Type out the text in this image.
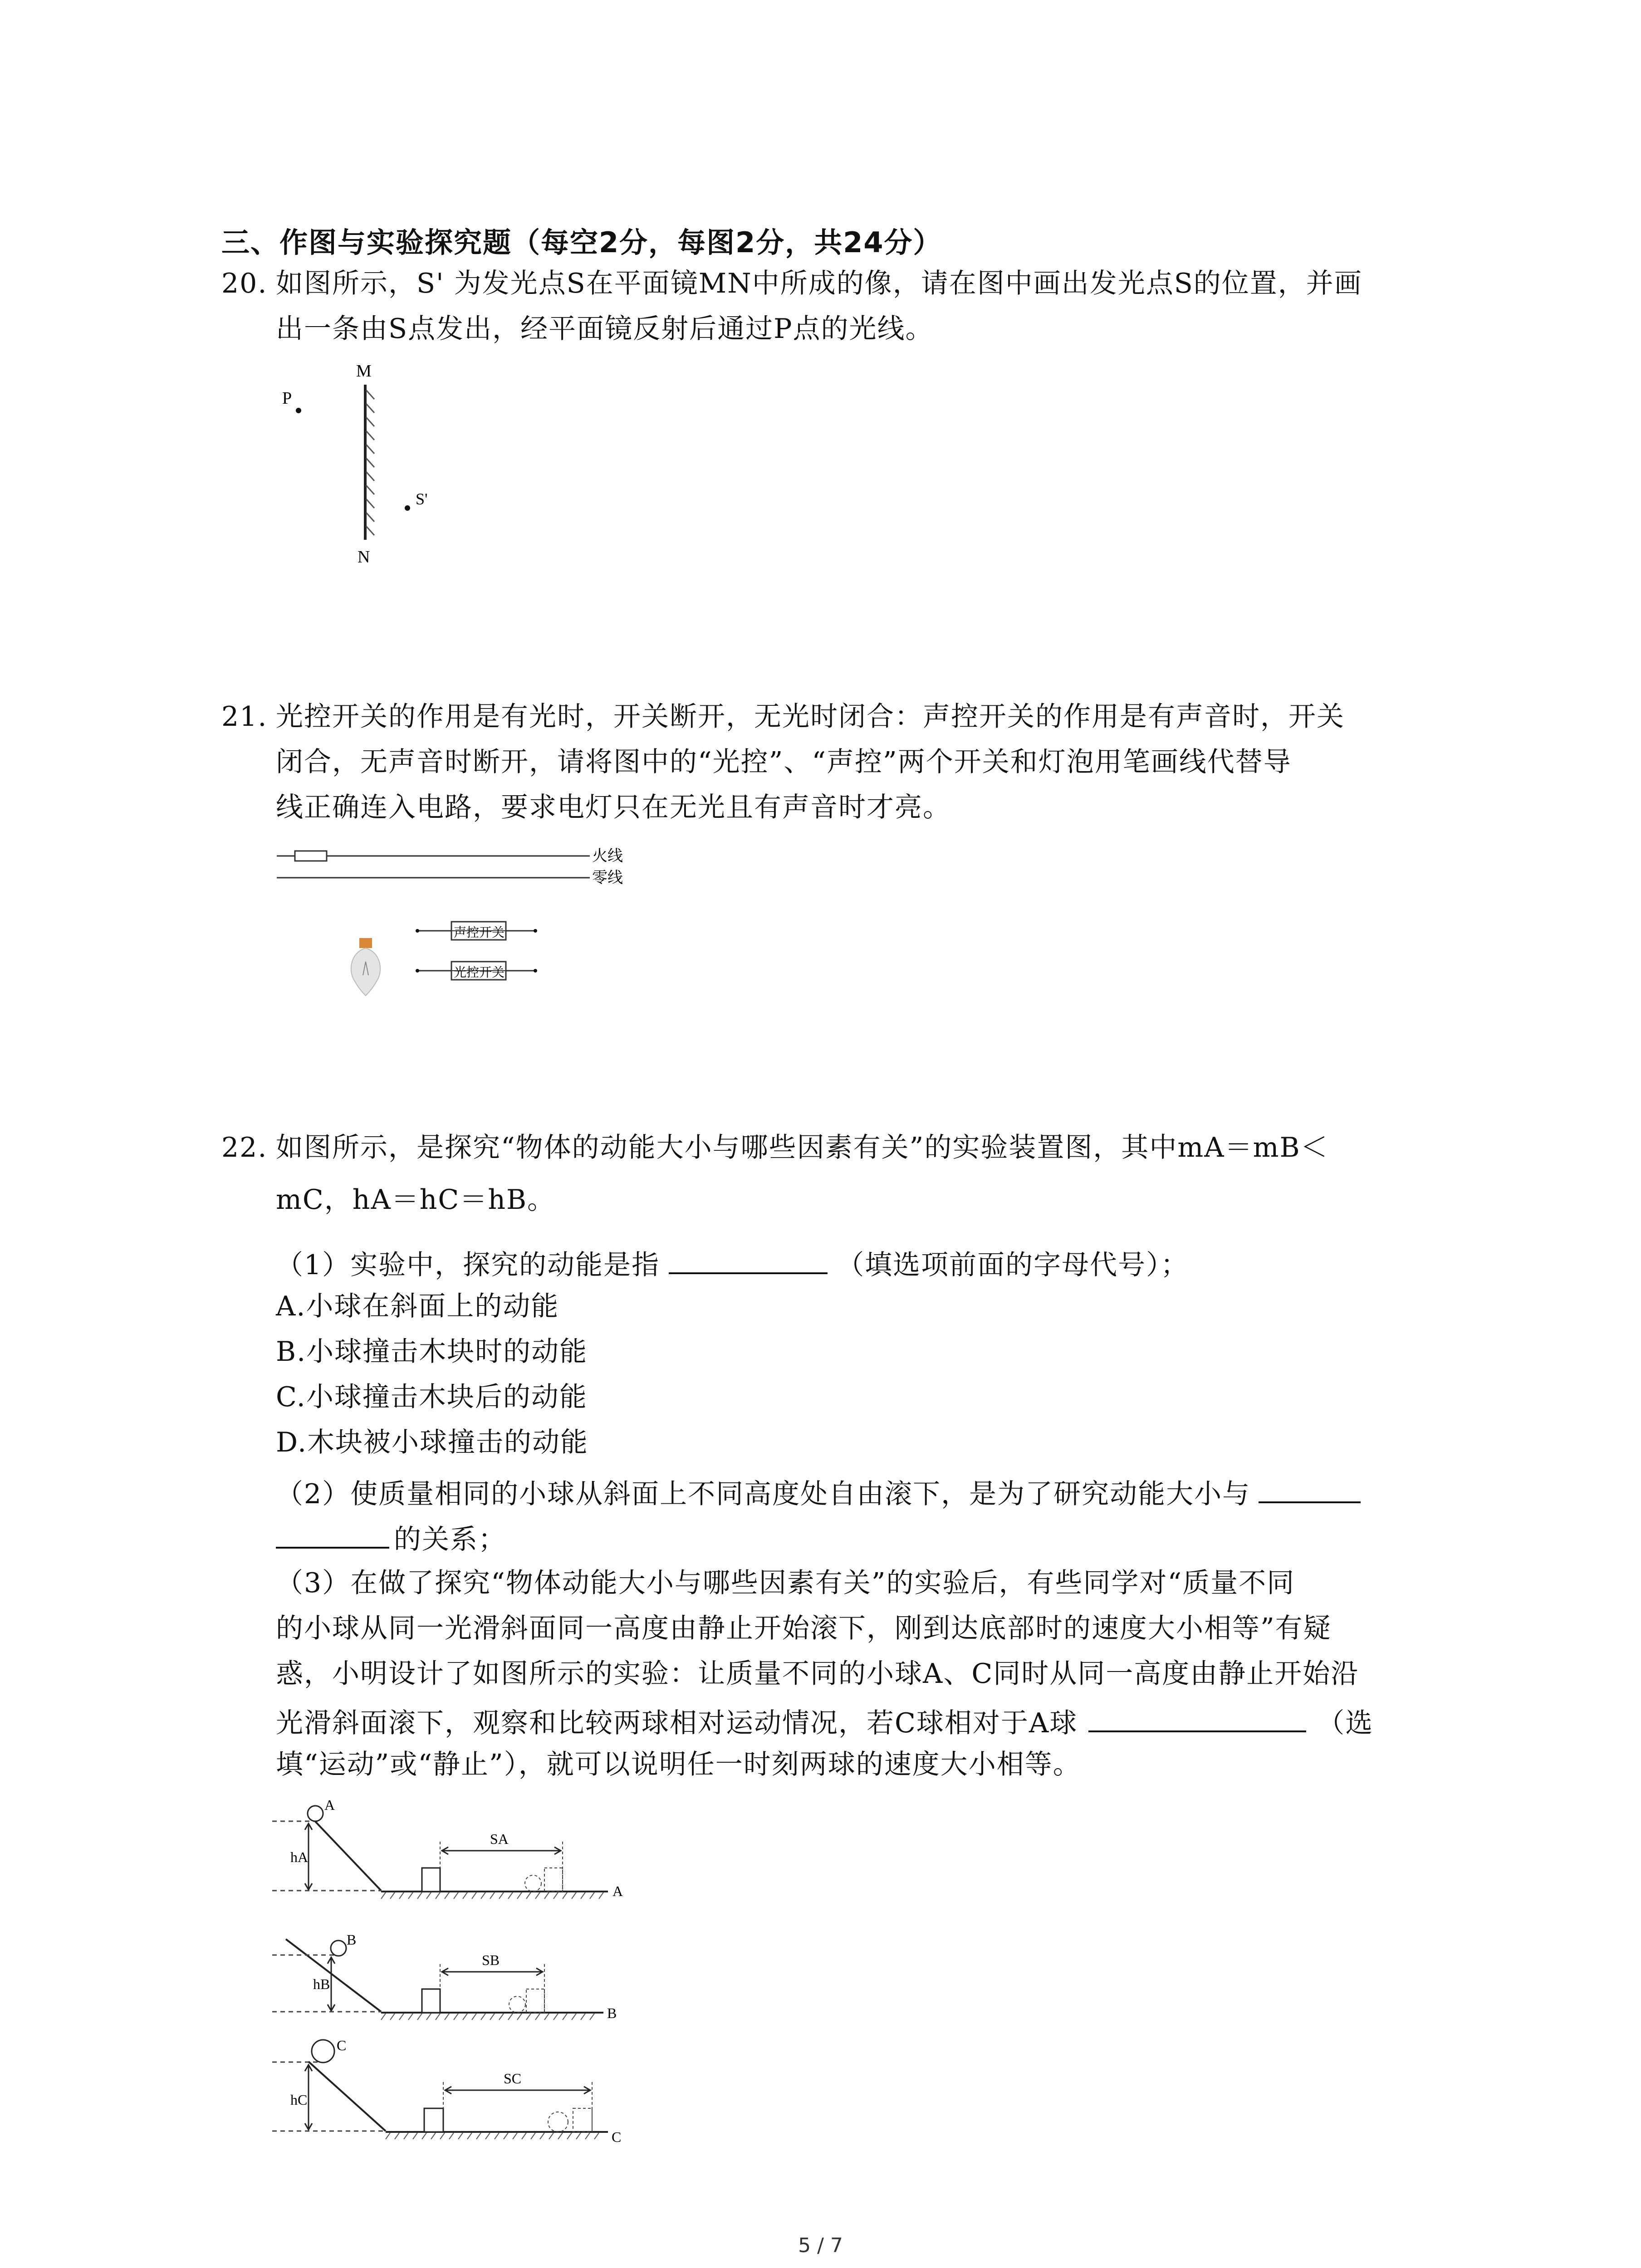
三、作图与实验探究题（每空2分，每图2分，共24分）
20. 如图所示，S' 为发光点S在平面镜MN中所成的像，请在图中画出发光点S的位置，并画
出一条由S点发出，经平面镜反射后通过P点的光线。
M
N
P
S'
21. 光控开关的作用是有光时，开关断开，无光时闭合：声控开关的作用是有声音时，开关
闭合，无声音时断开，请将图中的“光控”、“声控”两个开关和灯泡用笔画线代替导
线正确连入电路，要求电灯只在无光且有声音时才亮。
火线
零线
声控开关
光控开关
22. 如图所示，是探究“物体的动能大小与哪些因素有关”的实验装置图，其中mA＝mB＜
mC，hA＝hC＝hB。
（1）实验中，探究的动能是指	（填选项前面的字母代号）；
A.小球在斜面上的动能
B.小球撞击木块时的动能
C.小球撞击木块后的动能
D.木块被小球撞击的动能
（2）使质量相同的小球从斜面上不同高度处自由滚下，是为了研究动能大小与
的关系；
（3）在做了探究“物体动能大小与哪些因素有关”的实验后，有些同学对“质量不同
的小球从同一光滑斜面同一高度由静止开始滚下，刚到达底部时的速度大小相等”有疑
惑，小明设计了如图所示的实验：让质量不同的小球A、C同时从同一高度由静止开始沿
光滑斜面滚下，观察和比较两球相对运动情况，若C球相对于A球	（选
填“运动”或“静止”），就可以说明任一时刻两球的速度大小相等。
A
hA
SA
A
B
hB
SB
B
C
hC
SC
C
5 / 7
